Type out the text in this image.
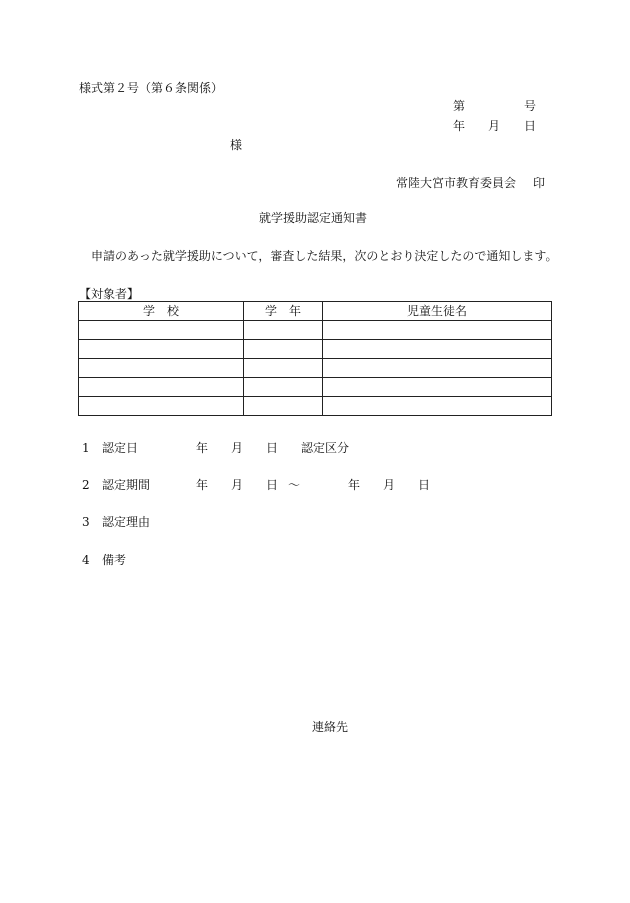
様式第２号（第６条関係）
第	号
年 月 日
様
常陸大宮市教育委員会 印
就学援助認定通知書
申請のあった就学援助について，審査した結果，次のとおり決定したので通知します。
【対象者】
学　校	学　年	児童生徒名

1 認定日	年 月 日 認定区分
2 認定期間	年 月 日 ～	年 月 日
3 認定理由
4 備考
連絡先
